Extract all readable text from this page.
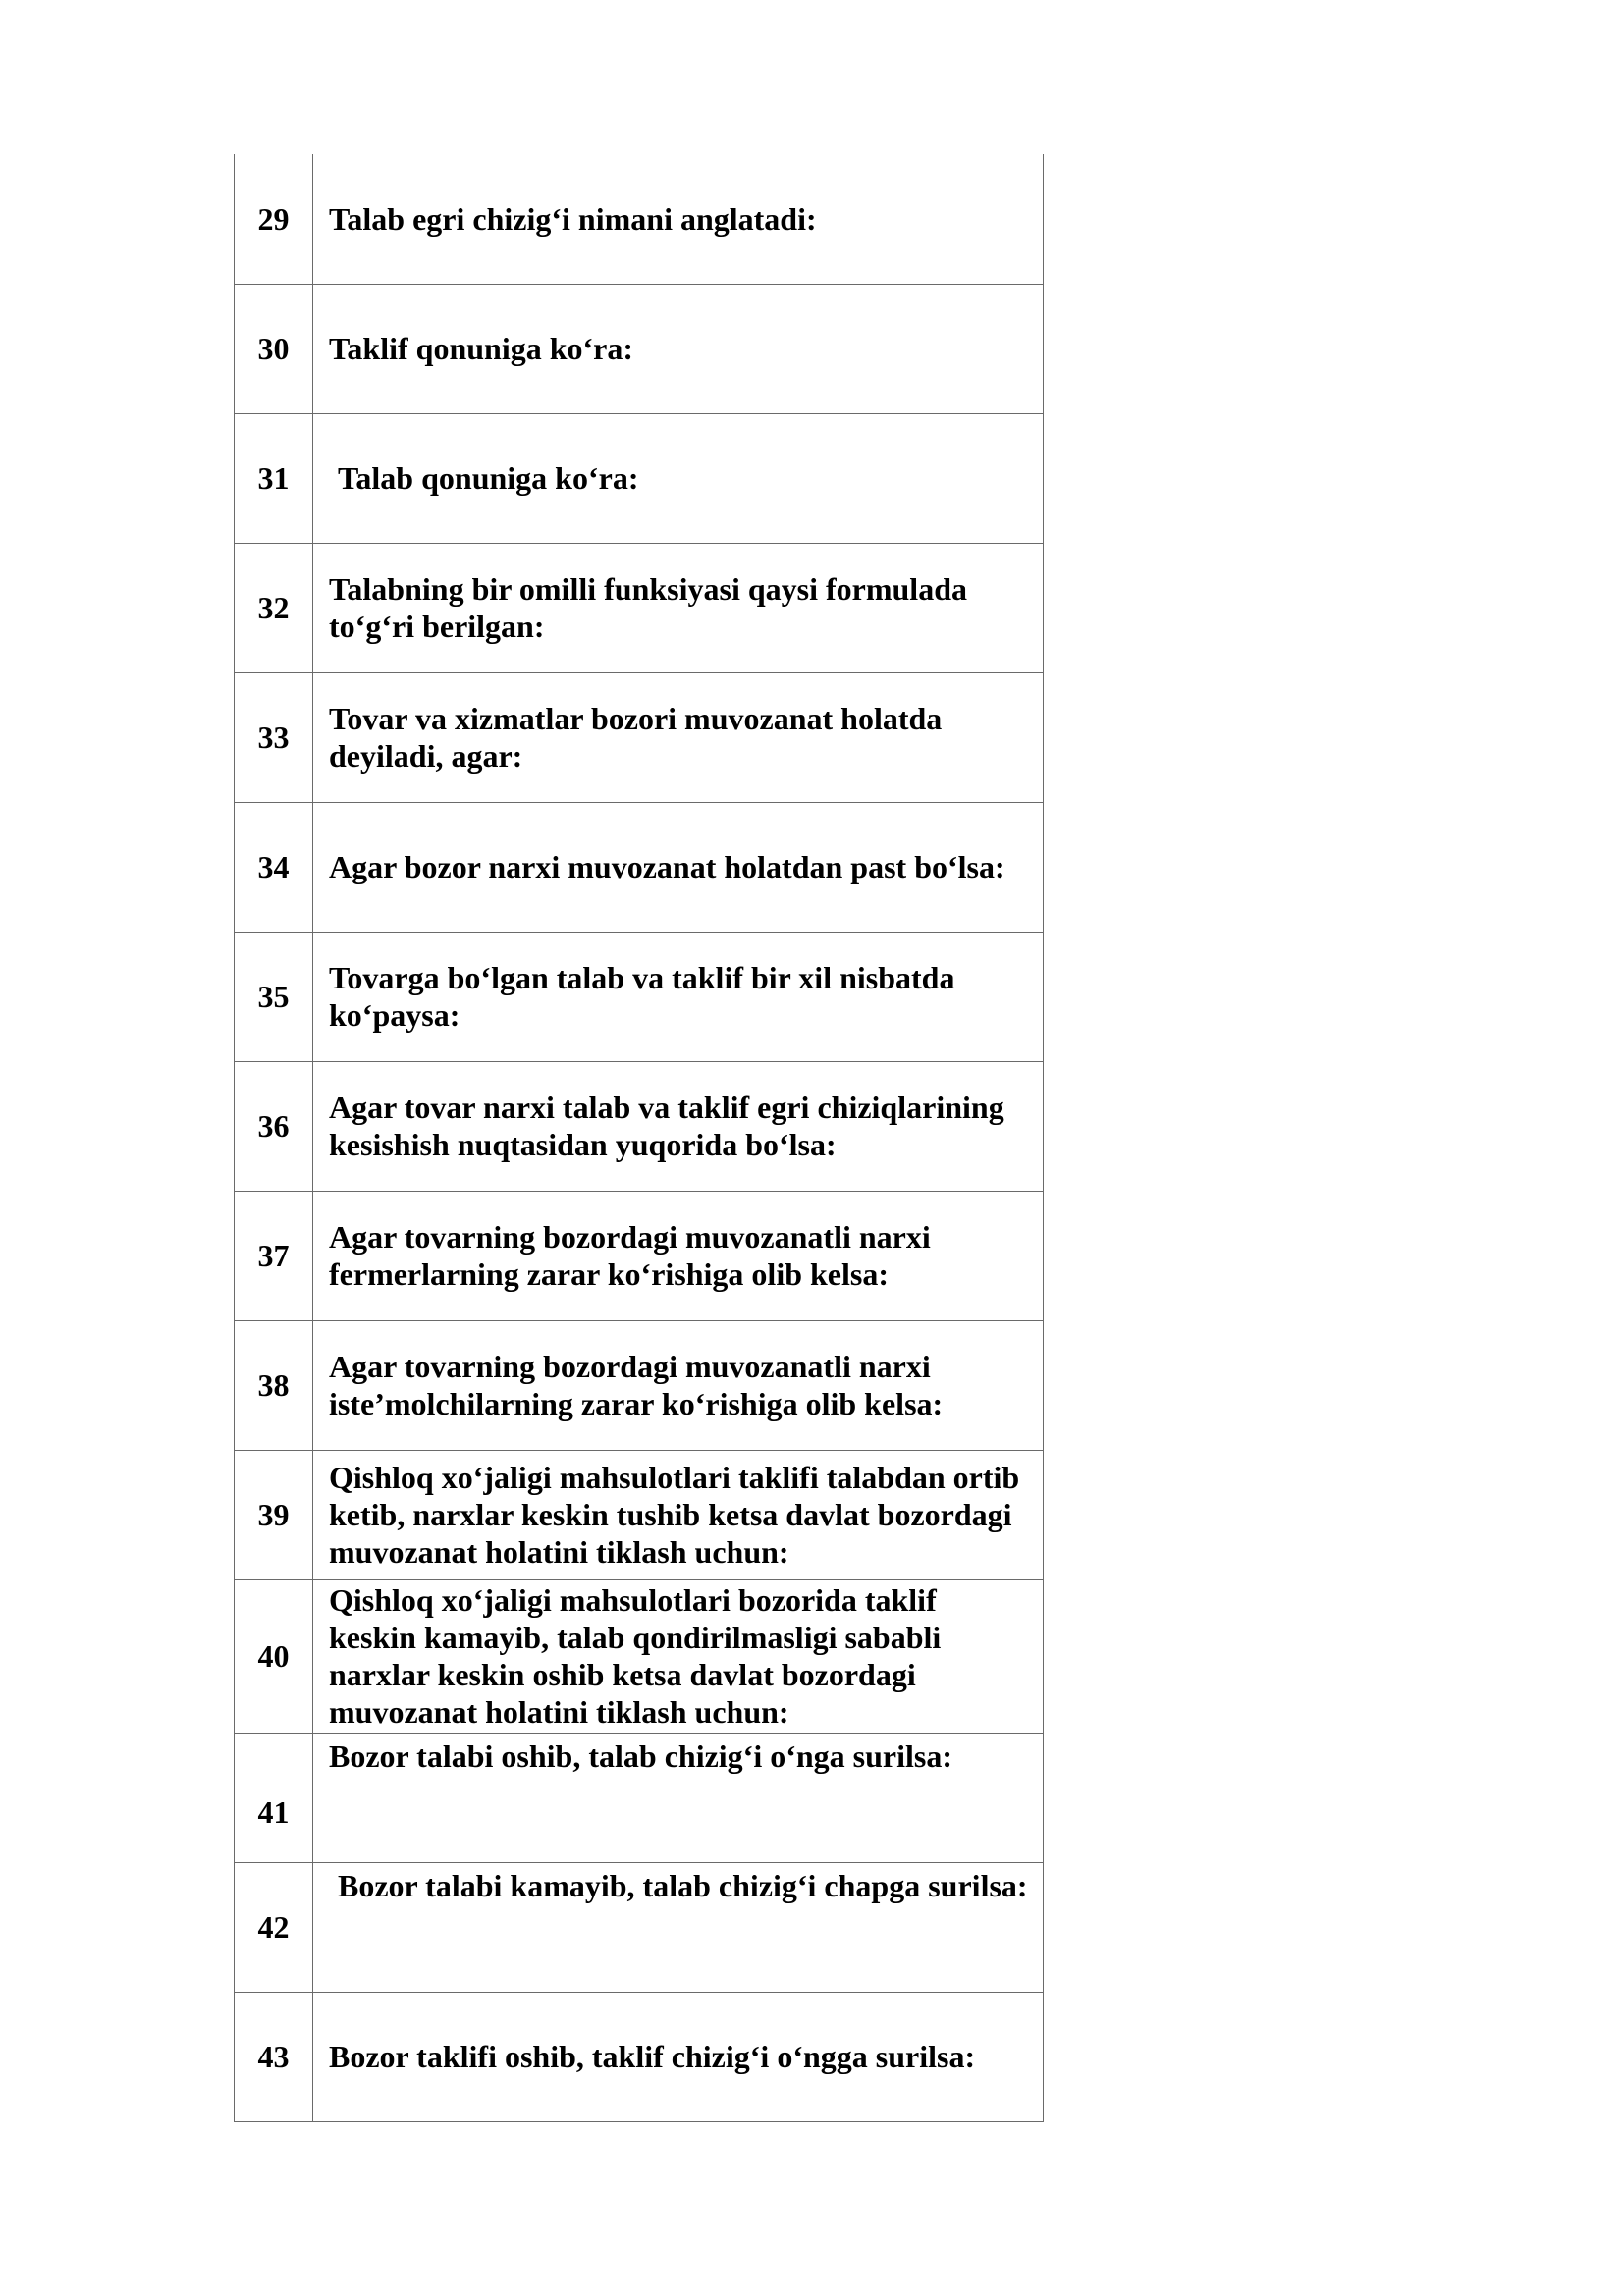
29	Talab egri chizig‘i nimani anglatadi:
30	Taklif qonuniga ko‘ra:
31	Talab qonuniga ko‘ra:
32	Talabning bir omilli funksiyasi qaysi formulada to‘g‘ri berilgan:
33	Tovar va xizmatlar bozori muvozanat holatda deyiladi, agar:
34	Agar bozor narxi muvozanat holatdan past bo‘lsa:
35	Tovarga bo‘lgan talab va taklif bir xil nisbatda ko‘paysa:
36	Agar tovar narxi talab va taklif egri chiziqlarining kesishish nuqtasidan yuqorida bo‘lsa:
37	Agar tovarning bozordagi muvozanatli narxi fermerlarning zarar ko‘rishiga olib kelsa:
38	Agar tovarning bozordagi muvozanatli narxi iste’molchilarning zarar ko‘rishiga olib kelsa:
39	Qishloq xo‘jaligi mahsulotlari taklifi talabdan ortib ketib, narxlar keskin tushib ketsa davlat bozordagi muvozanat holatini tiklash uchun:
40	Qishloq xo‘jaligi mahsulotlari bozorida taklif keskin kamayib, talab qondirilmasligi sababli narxlar keskin oshib ketsa davlat bozordagi muvozanat holatini tiklash uchun:
41	Bozor talabi oshib, talab chizig‘i o‘nga surilsa:

42	Bozor talabi kamayib, talab chizig‘i chapga surilsa:

43	Bozor taklifi oshib, taklif chizig‘i o‘ngga surilsa:
